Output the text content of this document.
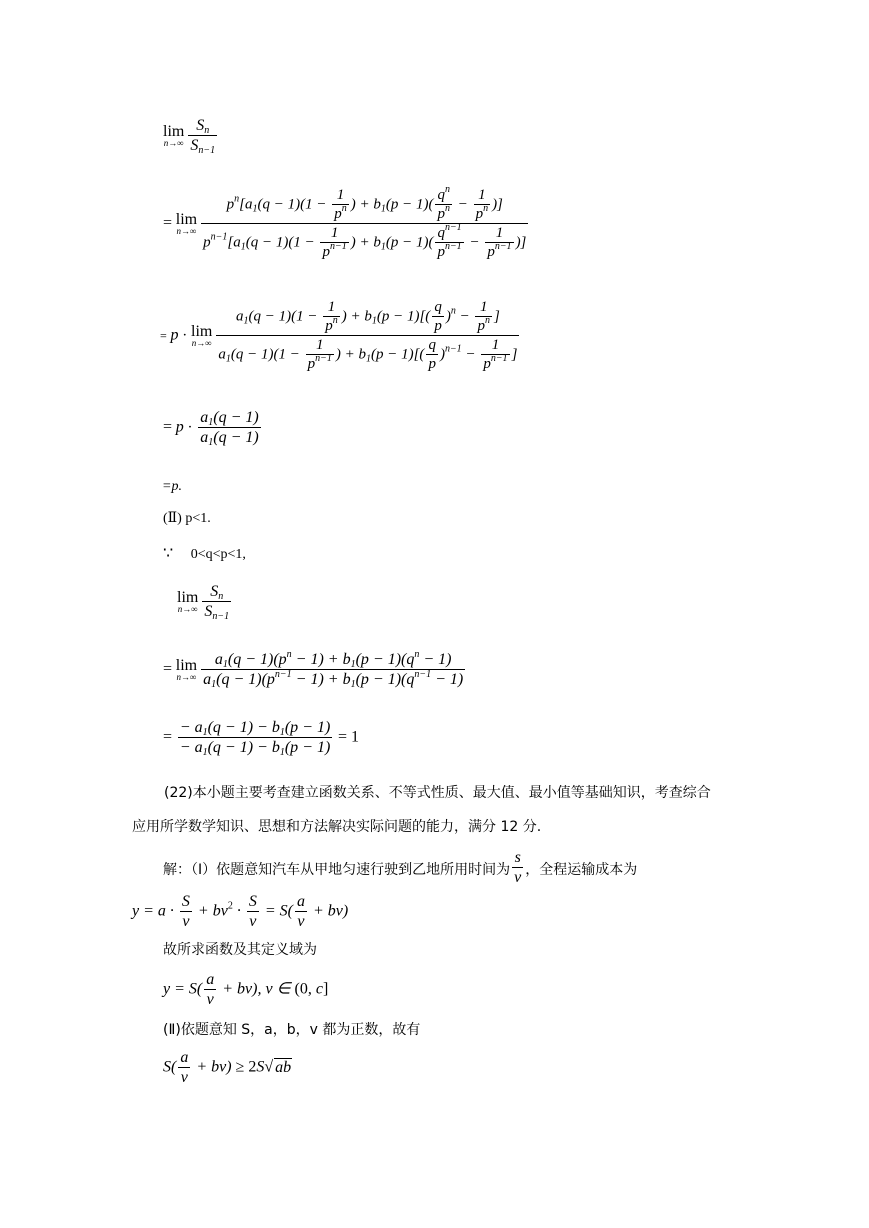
lim
$n\to\infty \frac{S_n}{S_{n-1}}$
= lim
$n\to\infty \frac{p^n[a_1(q - 1)(1 - \frac{1}{p^n} ) + b_1(p - 1)( \frac{q^n}{p^n} - \frac{1}{p^n} )]}{p^{n-1}[a_1(q - 1)(1 - \frac{1}{p^{n-1}} ) + b_1(p - 1)( \frac{q^{n-1}}{p^{n-1}} - \frac{1}{p^{n-1}} )]}$
= p · lim
$n\to\infty \frac{a_1(q - 1)(1 - \frac{1}{p^n} ) + b_1(p - 1)[( \frac{q}{p} )^n - \frac{1}{p^n} ]}{a_1(q - 1)(1 - \frac{1}{p^{n-1}} ) + b_1(p - 1)[( \frac{q}{p} )^{n-1} - \frac{1}{p^{n-1}} ]}$
= $p \cdot \frac{a_1(q - 1)}{a_1(q - 1)}$
=p.
(Ⅱ) p<1.
∵ 0<q<p<1,
lim
$n\to\infty \frac{S_n}{S_{n-1}}$
= lim
$n\to\infty \frac{a_1(q - 1)(p^n - 1) + b_1(p - 1)(q^n - 1)}{a_1(q - 1)(p^{n-1} - 1) + b_1(p - 1)(q^{n-1} - 1)}$
= $\frac{- a_1(q - 1) - b_1(p - 1)}{- a_1(q - 1) - b_1(p - 1)} = 1$
(22)本小题主要考查建立函数关系、不等式性质、最大值、最小值等基础知识，考查综合应用所学数学知识、思想和方法解决实际问题的能力，满分 12 分.
解：（Ⅰ）依题意知汽车从甲地匀速行驶到乙地所用时间为 $\frac{s}{v}$ ，全程运输成本为
$y = a \cdot \frac{S}{v} + bv^2 \cdot \frac{S}{v} = S( \frac{a}{v} + bv)$
故所求函数及其定义域为
$y = S( \frac{a}{v} + bv)$, v ∈ (0, c]
(Ⅱ)依题意知 S，a，b，v 都为正数，故有
$S( \frac{a}{v} + bv) \ge 2S√$ ab
